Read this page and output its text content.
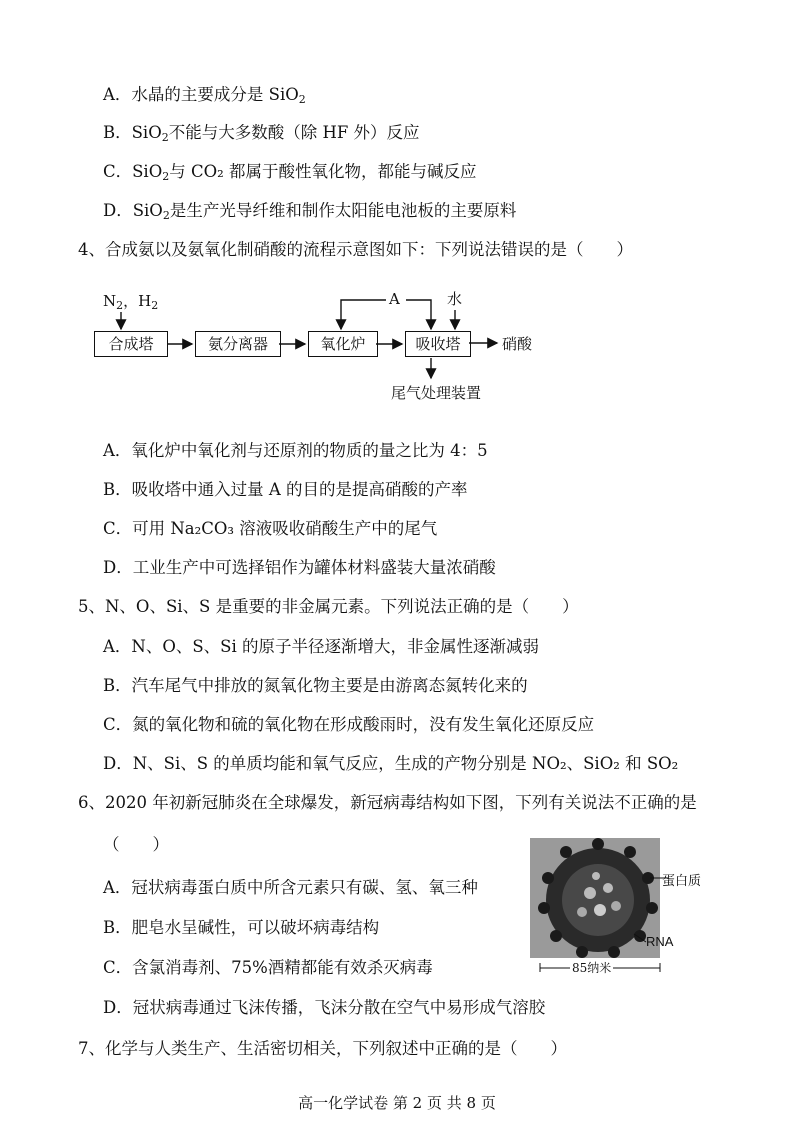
A．水晶的主要成分是 SiO$_2$
B．SiO$_2$不能与大多数酸（除 HF 外）反应
C．SiO$_2$与 CO₂ 都属于酸性氧化物，都能与碱反应
D．SiO$_2$是生产光导纤维和制作太阳能电池板的主要原料
4、合成氨以及氨氧化制硝酸的流程示意图如下：下列说法错误的是（　　）
$N_2$，$H_2$
合成塔	氨分离器	氧化炉	吸收塔
A	水
硝酸
尾气处理装置
A．氧化炉中氧化剂与还原剂的物质的量之比为 4：5
B．吸收塔中通入过量 A 的目的是提高硝酸的产率
C．可用 Na₂CO₃ 溶液吸收硝酸生产中的尾气
D．工业生产中可选择铝作为罐体材料盛装大量浓硝酸
5、N、O、Si、S 是重要的非金属元素。下列说法正确的是（　　）
A．N、O、S、Si 的原子半径逐渐增大，非金属性逐渐减弱
B．汽车尾气中排放的氮氧化物主要是由游离态氮转化来的
C．氮的氧化物和硫的氧化物在形成酸雨时，没有发生氧化还原反应
D．N、Si、S 的单质均能和氧气反应，生成的产物分别是 NO₂、SiO₂ 和 SO₂
6、2020 年初新冠肺炎在全球爆发，新冠病毒结构如下图，下列有关说法不正确的是
（　　）
A．冠状病毒蛋白质中所含元素只有碳、氢、氧三种
B．肥皂水呈碱性，可以破坏病毒结构
C．含氯消毒剂、75%酒精都能有效杀灭病毒
D．冠状病毒通过飞沫传播，飞沫分散在空气中易形成气溶胶
蛋白质
RNA
85纳米
7、化学与人类生产、生活密切相关，下列叙述中正确的是（　　）
高一化学试卷 第 2 页 共 8 页
